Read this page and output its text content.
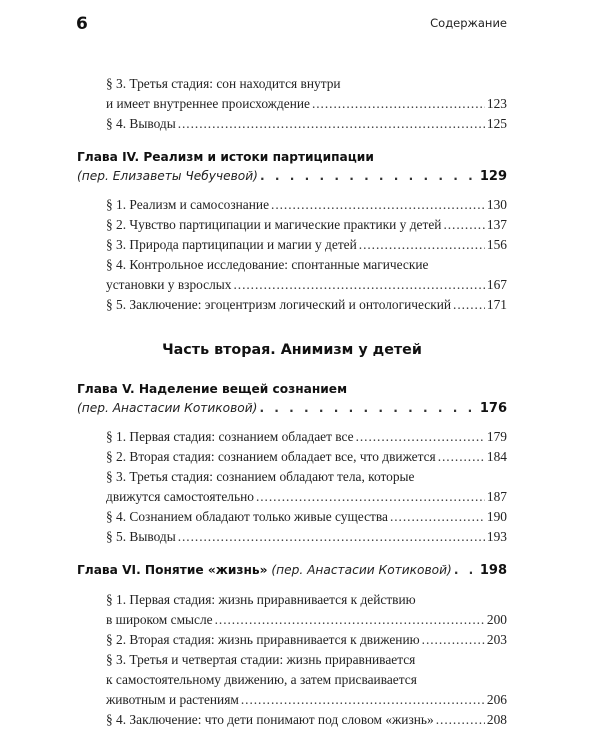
6	Содержание
§ 3. Третья стадия: сон находится внутри
и имеет внутреннее происхождение . . .	123
§ 4. Выводы . . .	125
Глава IV. Реализм и истоки партиципации
(пер. Елизаветы Чебучевой) . . .	129
§ 1. Реализм и самосознание . . .	130
§ 2. Чувство партиципации и магические практики у детей . . .	137
§ 3. Природа партиципации и магии у детей . . .	156
§ 4. Контрольное исследование: спонтанные магические
установки у взрослых . . .	167
§ 5. Заключение: эгоцентризм логический и онтологический . . .	171
Часть вторая. Анимизм у детей
Глава V. Наделение вещей сознанием
(пер. Анастасии Котиковой) . . .	176
§ 1. Первая стадия: сознанием обладает все . . .	179
§ 2. Вторая стадия: сознанием обладает все, что движется . . .	184
§ 3. Третья стадия: сознанием обладают тела, которые
движутся самостоятельно . . .	187
§ 4. Сознанием обладают только живые существа . . .	190
§ 5. Выводы . . .	193
Глава VI. Понятие «жизнь»
(пер. Анастасии Котиковой) . . . 198
§ 1. Первая стадия: жизнь приравнивается к действию
в широком смысле . . .	200
§ 2. Вторая стадия: жизнь приравнивается к движению . . .	203
§ 3. Третья и четвертая стадии: жизнь приравнивается
к самостоятельному движению, а затем присваивается
животным и растениям . . .	206
§ 4. Заключение: что дети понимают под словом «жизнь» . . .	208
